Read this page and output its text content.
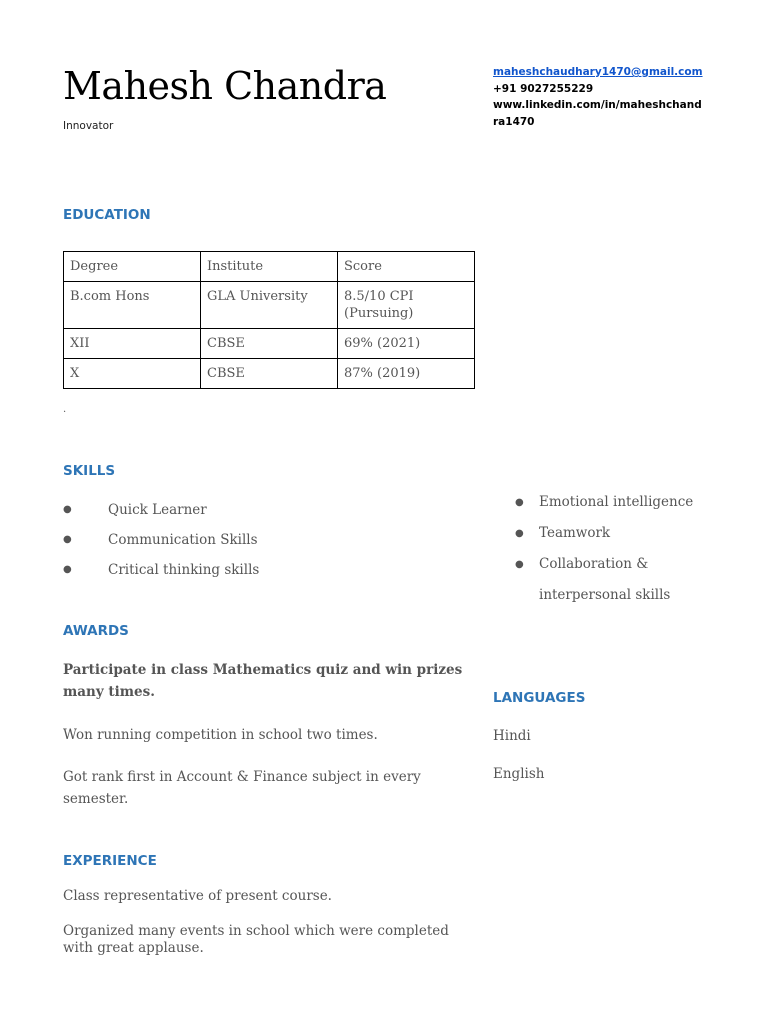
Mahesh Chandra
Innovator
maheshchaudhary1470@gmail.com
+91 9027255229
www.linkedin.com/in/maheshchandra1470
EDUCATION
Degree	Institute	Score
B.com Hons	GLA University	8.5/10 CPI (Pursuing)
XII	CBSE	69% (2021)
X	CBSE	87% (2019)
.
SKILLS
●	Quick Learner
●	Communication Skills
●	Critical thinking skills
● Emotional intelligence
● Teamwork
● Collaboration &
interpersonal skills
AWARDS

Participate in class Mathematics quiz and win prizes many times.

Won running competition in school two times.

Got rank first in Account & Finance subject in every semester.

LANGUAGES
Hindi
English
EXPERIENCE

Class representative of present course.

Organized many events in school which were completed with great applause.
